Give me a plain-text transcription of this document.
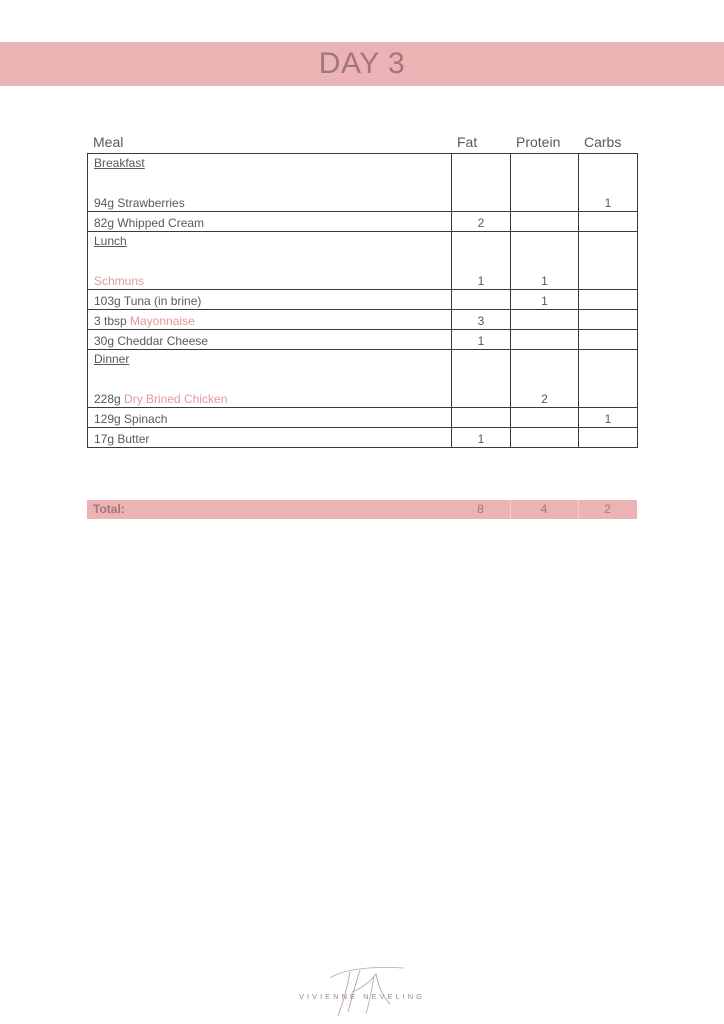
DAY 3
Meal	Fat	Protein Carbs
Breakfast
94g Strawberries			1
82g Whipped Cream	2		

Lunch
Schmuns	1	1	
103g Tuna (in brine)		1	
3 tbsp Mayonnaise	3		
30g Cheddar Cheese	1		

Dinner
228g Dry Brined Chicken		2	
129g Spinach			1
17g Butter	1		
Total:	8	4	2
VIVIENNE NEVELING
